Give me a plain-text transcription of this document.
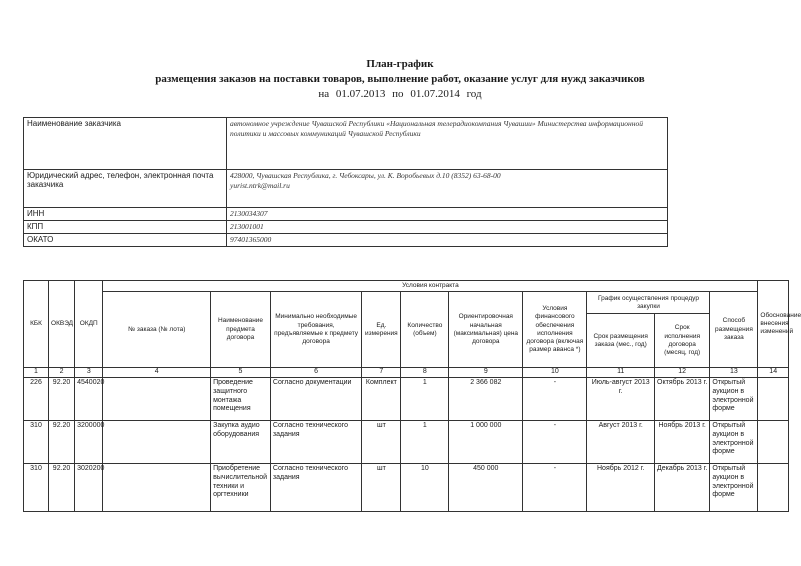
План-график
размещения заказов на поставки товаров, выполнение работ, оказание услуг для нужд заказчиков
на 01.07.2013 по 01.07.2014 год
Наименование заказчика	автономное учреждение Чувашской Республики «Национальная телерадиокомпания Чувашии» Министерства информационной политики и массовых коммуникаций Чувашской Республики
Юридический адрес, телефон, электронная почта заказчика	428000, Чувашская Республика, г. Чебоксары, ул. К. Воробьевых д.10 (8352) 63-68-00
yurist.ntrk@mail.ru

ИНН	2130034307
КПП	213001001
ОКАТО	97401365000
КБК	ОКВЭД	ОКДП	Условия контракта										Обоснование внесения изменений
			№ заказа (№ лота)	Наименование предмета договора	Минимально необходимые требования, предъявляемые к предмету договора	Ед. измерения	Количество (объем)	Ориентировочная начальная (максимальная) цена договора	Условия финансового обеспечения исполнения договора (включая размер аванса *)	График осуществления процедур закупки		Способ размещения заказа	
										Срок размещения заказа (мес., год)	Срок исполнения договора (месяц, год)		
1	2	3	4	5	6	7	8	9	10	11	12	13	14
226	92.20	4540020		Проведение защитного монтажа помещения	Согласно документации	Комплект	1	2 366 082	-	Июль-август 2013 г.	Октябрь 2013 г.	Открытый аукцион в электронной форме	
310	92.20	3200000		Закупка аудио оборудования	Согласно технического задания	шт	1	1 000 000	-	Август 2013 г.	Ноябрь 2013 г.	Открытый аукцион в электронной форме	
310	92.20	3020200		Приобретение вычислительной техники и оргтехники	Согласно технического задания	шт	10	450 000	-	Ноябрь 2012 г.	Декабрь 2013 г.	Открытый аукцион в электронной форме	
